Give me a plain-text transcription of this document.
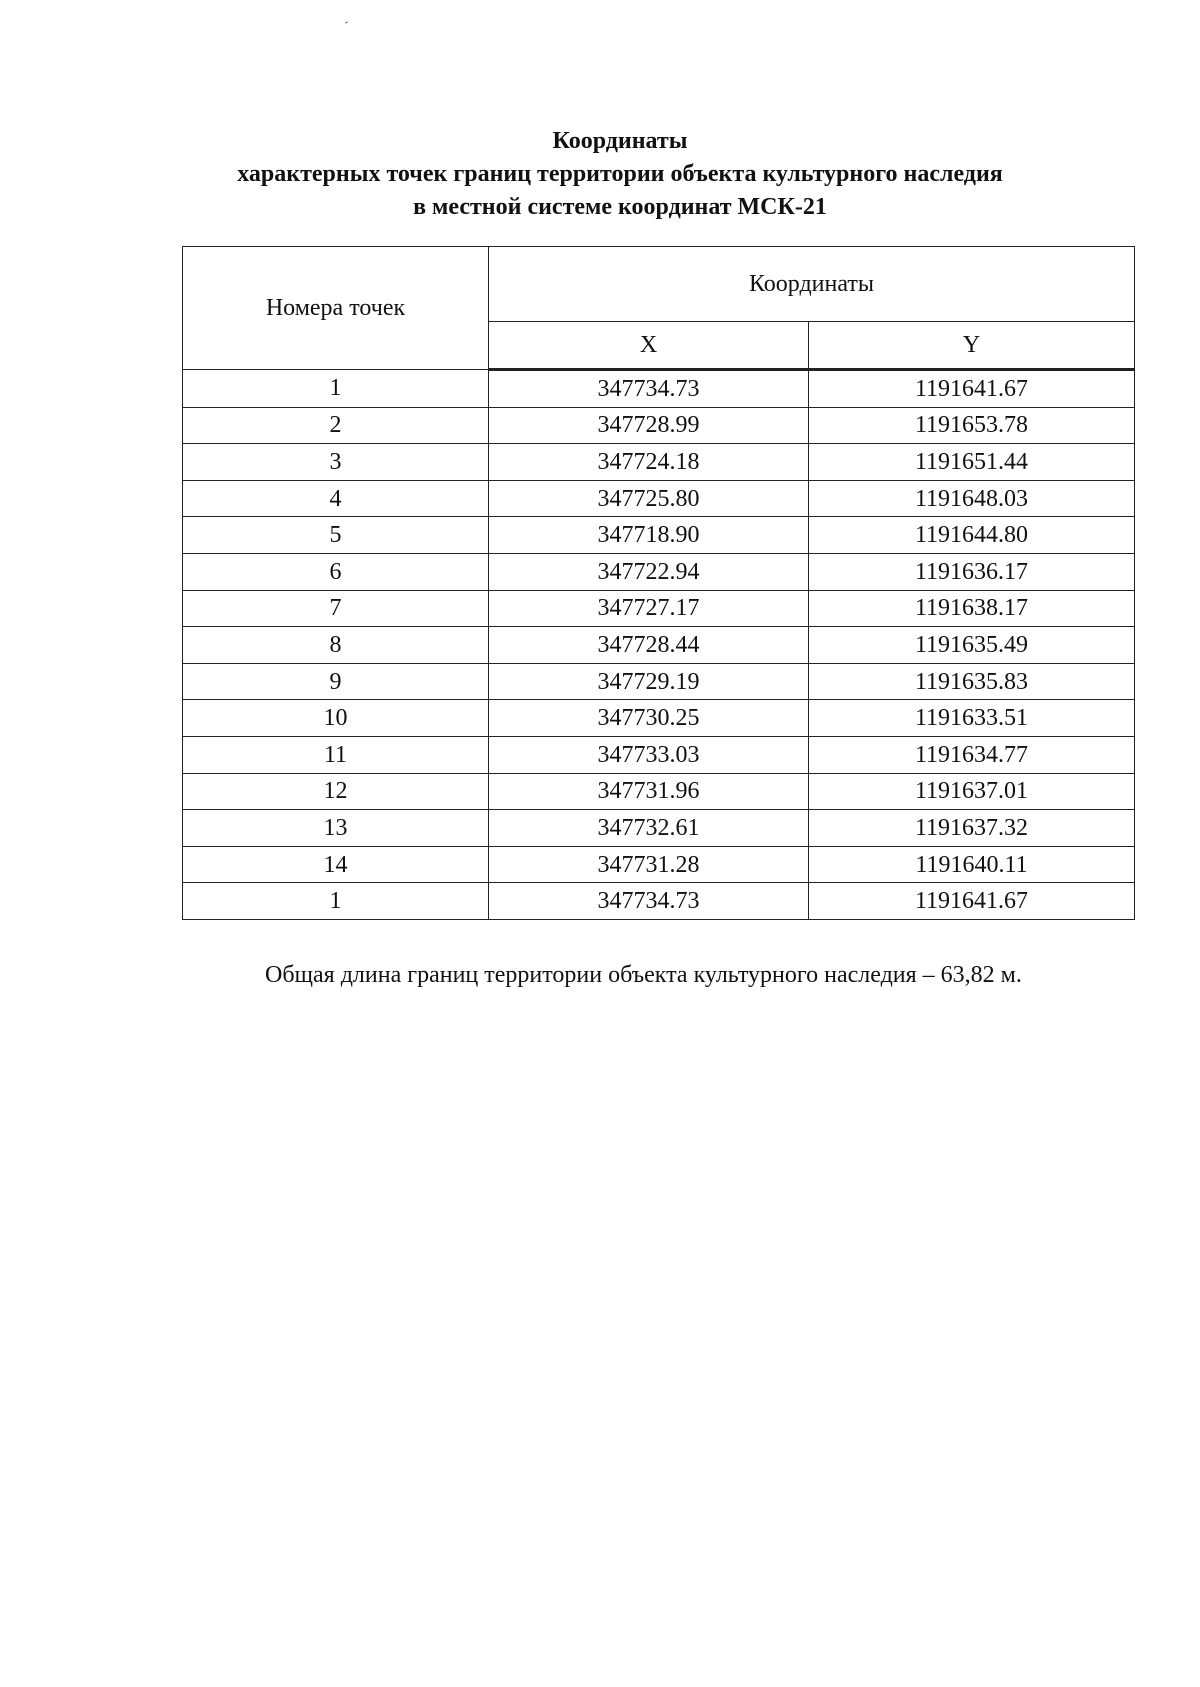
Координаты
характерных точек границ территории объекта культурного наследия
в местной системе координат МСК-21
Номера точек	Координаты	
	X	Y
1	347734.73	1191641.67
2	347728.99	1191653.78
3	347724.18	1191651.44
4	347725.80	1191648.03
5	347718.90	1191644.80
6	347722.94	1191636.17
7	347727.17	1191638.17
8	347728.44	1191635.49
9	347729.19	1191635.83
10	347730.25	1191633.51
11	347733.03	1191634.77
12	347731.96	1191637.01
13	347732.61	1191637.32
14	347731.28	1191640.11
1	347734.73	1191641.67
Общая длина границ территории объекта культурного наследия – 63,82 м.
